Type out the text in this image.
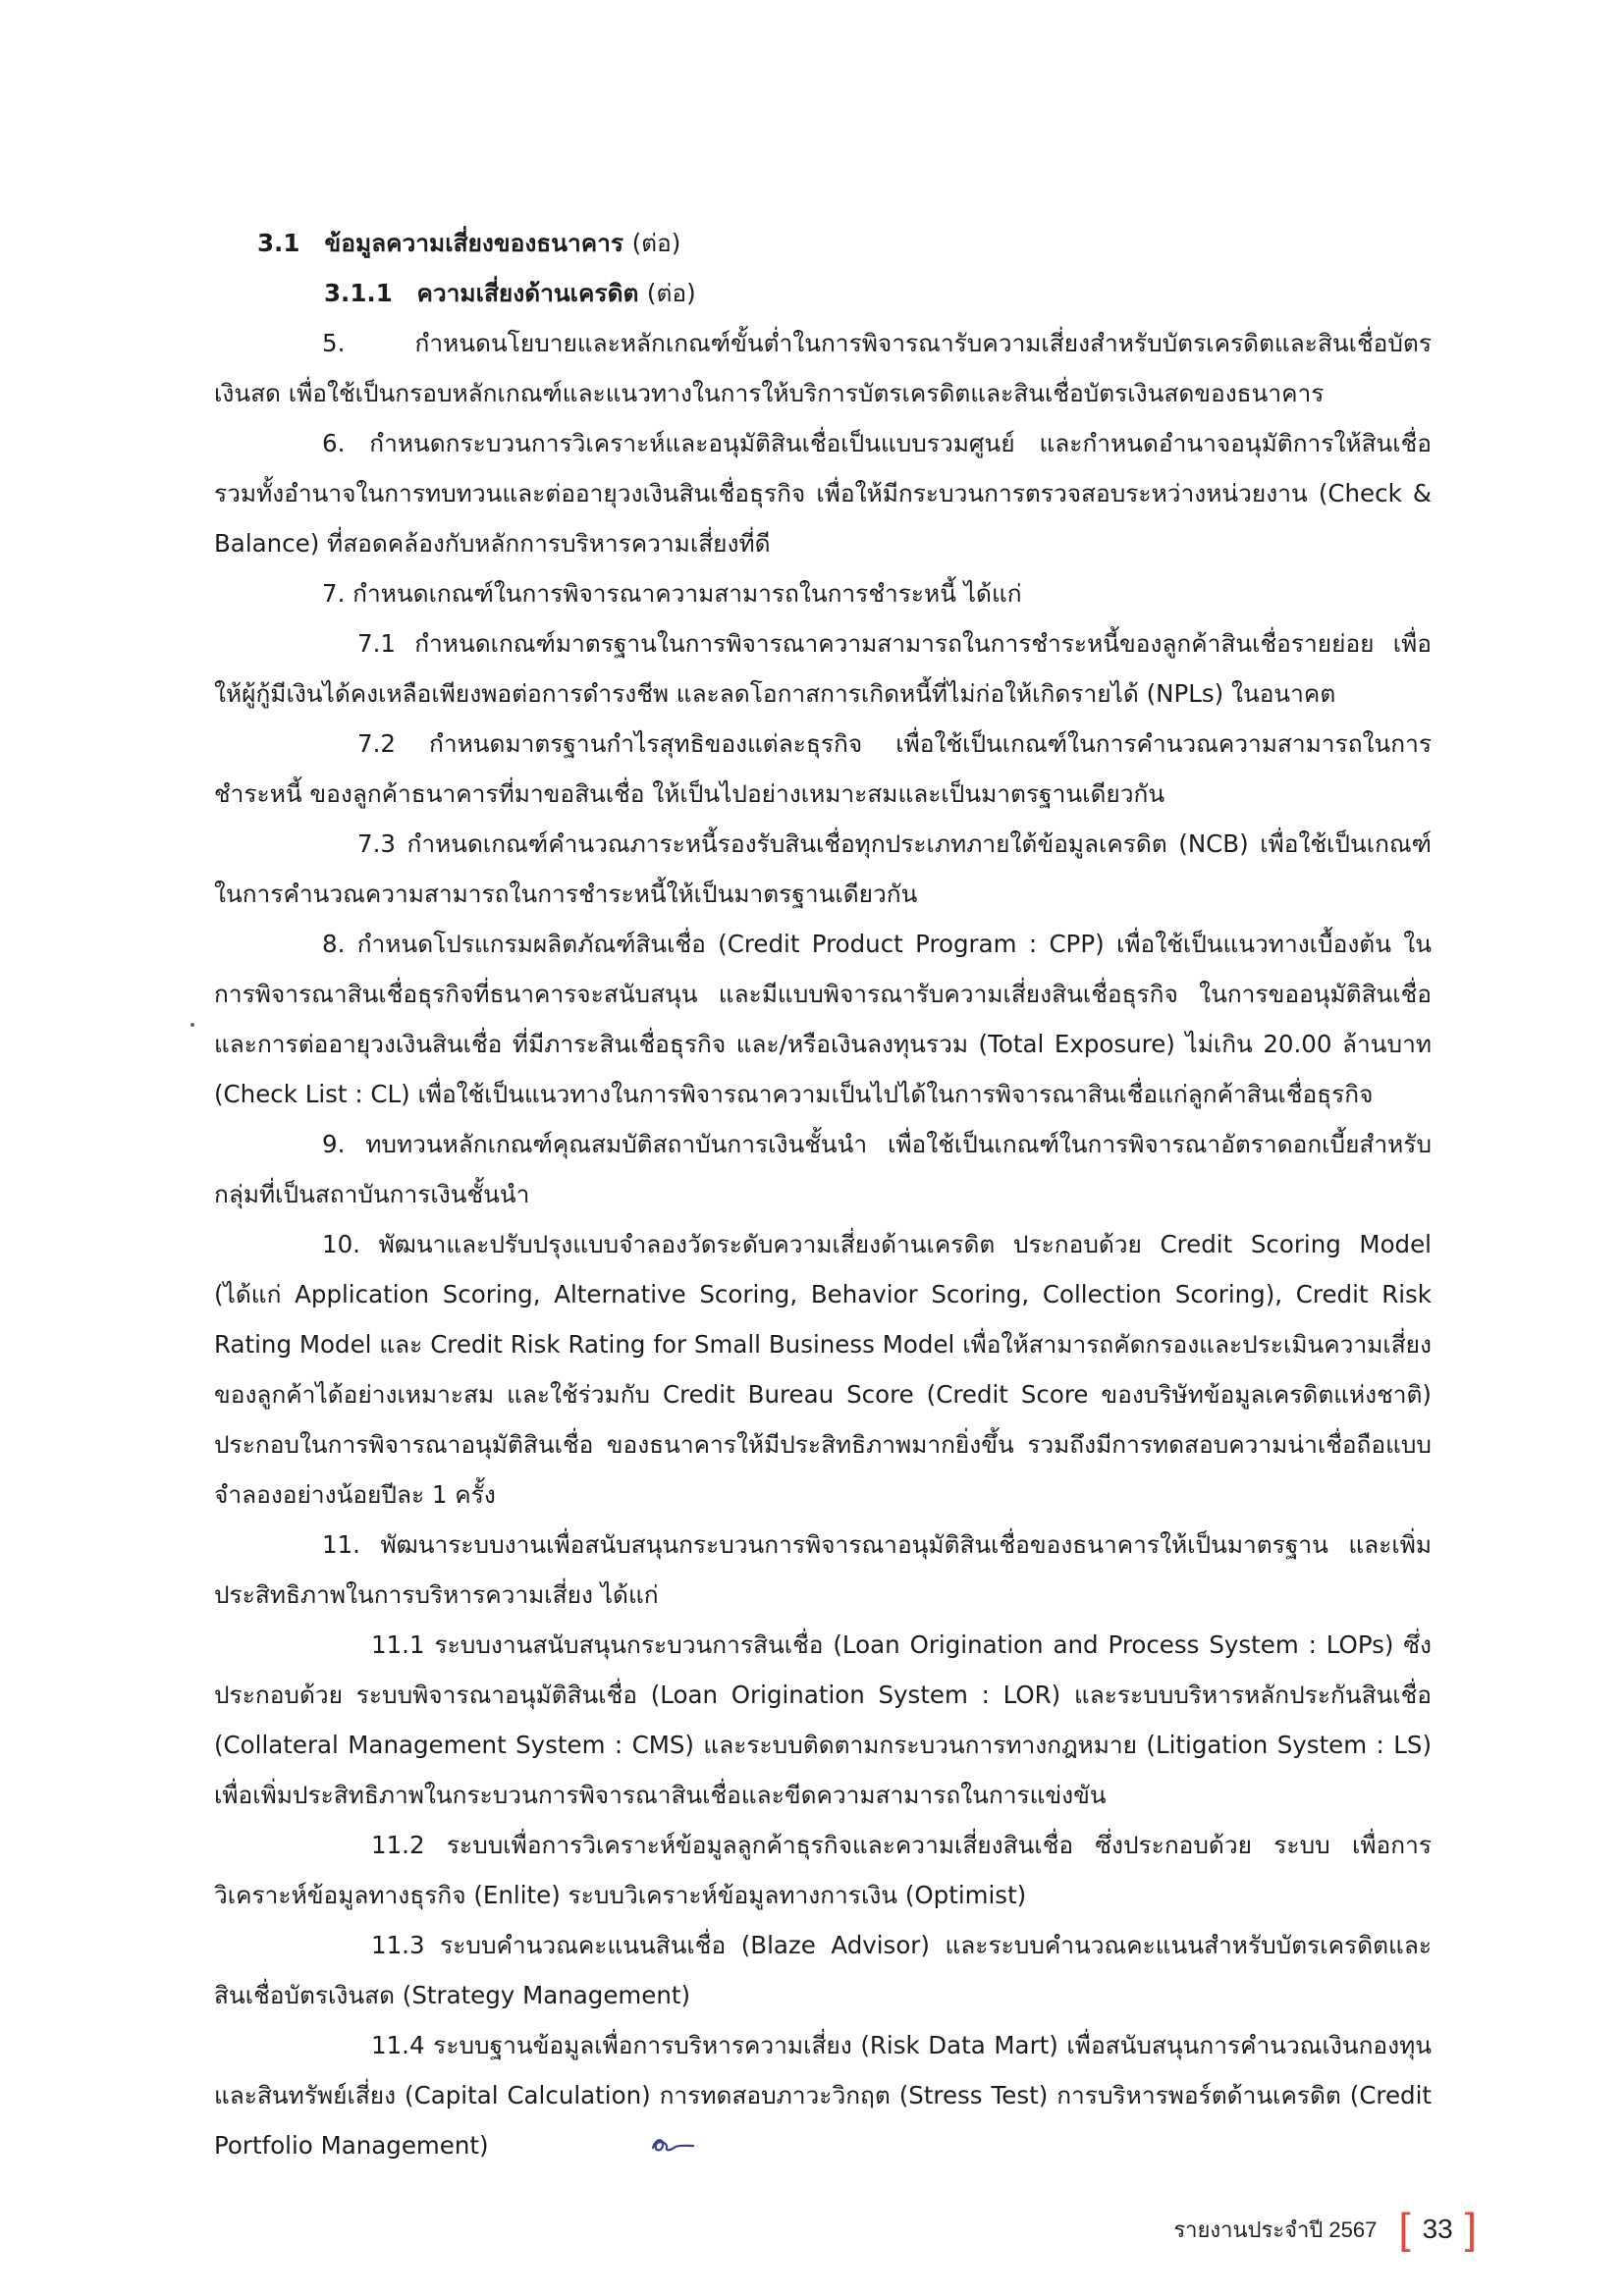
3.1 ข้อมูลความเสี่ยงของธนาคาร (ต่อ)

3.1.1 ความเสี่ยงด้านเครดิต (ต่อ)

5. กำหนดนโยบายและหลักเกณฑ์ขั้นต่ำในการพิจารณารับความเสี่ยงสำหรับบัตรเครดิตและสินเชื่อบัตรเงินสด เพื่อใช้เป็นกรอบหลักเกณฑ์และแนวทางในการให้บริการบัตรเครดิตและสินเชื่อบัตรเงินสดของธนาคาร

6. กำหนดกระบวนการวิเคราะห์และอนุมัติสินเชื่อเป็นแบบรวมศูนย์ และกำหนดอำนาจอนุมัติการให้สินเชื่อ รวมทั้งอำนาจในการทบทวนและต่ออายุวงเงินสินเชื่อธุรกิจ เพื่อให้มีกระบวนการตรวจสอบระหว่างหน่วยงาน (Check & Balance) ที่สอดคล้องกับหลักการบริหารความเสี่ยงที่ดี

7. กำหนดเกณฑ์ในการพิจารณาความสามารถในการชำระหนี้ ได้แก่

7.1 กำหนดเกณฑ์มาตรฐานในการพิจารณาความสามารถในการชำระหนี้ของลูกค้าสินเชื่อรายย่อย เพื่อให้ผู้กู้มีเงินได้คงเหลือเพียงพอต่อการดำรงชีพ และลดโอกาสการเกิดหนี้ที่ไม่ก่อให้เกิดรายได้ (NPLs) ในอนาคต

7.2 กำหนดมาตรฐานกำไรสุทธิของแต่ละธุรกิจ เพื่อใช้เป็นเกณฑ์ในการคำนวณความสามารถในการชำระหนี้ ของลูกค้าธนาคารที่มาขอสินเชื่อ ให้เป็นไปอย่างเหมาะสมและเป็นมาตรฐานเดียวกัน

7.3 กำหนดเกณฑ์คำนวณภาระหนี้รองรับสินเชื่อทุกประเภทภายใต้ข้อมูลเครดิต (NCB) เพื่อใช้เป็นเกณฑ์ ในการคำนวณความสามารถในการชำระหนี้ให้เป็นมาตรฐานเดียวกัน

8. กำหนดโปรแกรมผลิตภัณฑ์สินเชื่อ (Credit Product Program : CPP) เพื่อใช้เป็นแนวทางเบื้องต้น ในการพิจารณาสินเชื่อธุรกิจที่ธนาคารจะสนับสนุน และมีแบบพิจารณารับความเสี่ยงสินเชื่อธุรกิจ ในการขออนุมัติสินเชื่อ และการต่ออายุวงเงินสินเชื่อ ที่มีภาระสินเชื่อธุรกิจ และ/หรือเงินลงทุนรวม (Total Exposure) ไม่เกิน 20.00 ล้านบาท (Check List : CL) เพื่อใช้เป็นแนวทางในการพิจารณาความเป็นไปได้ในการพิจารณาสินเชื่อแก่ลูกค้าสินเชื่อธุรกิจ

9. ทบทวนหลักเกณฑ์คุณสมบัติสถาบันการเงินชั้นนำ เพื่อใช้เป็นเกณฑ์ในการพิจารณาอัตราดอกเบี้ยสำหรับ กลุ่มที่เป็นสถาบันการเงินชั้นนำ

10. พัฒนาและปรับปรุงแบบจำลองวัดระดับความเสี่ยงด้านเครดิต ประกอบด้วย Credit Scoring Model (ได้แก่ Application Scoring, Alternative Scoring, Behavior Scoring, Collection Scoring), Credit Risk Rating Model และ Credit Risk Rating for Small Business Model เพื่อให้สามารถคัดกรองและประเมินความเสี่ยงของลูกค้าได้อย่างเหมาะสม และใช้ร่วมกับ Credit Bureau Score (Credit Score ของบริษัทข้อมูลเครดิตแห่งชาติ) ประกอบในการพิจารณาอนุมัติสินเชื่อ ของธนาคารให้มีประสิทธิภาพมากยิ่งขึ้น รวมถึงมีการทดสอบความน่าเชื่อถือแบบจำลองอย่างน้อยปีละ 1 ครั้ง

11. พัฒนาระบบงานเพื่อสนับสนุนกระบวนการพิจารณาอนุมัติสินเชื่อของธนาคารให้เป็นมาตรฐาน และเพิ่มประสิทธิภาพในการบริหารความเสี่ยง ได้แก่

11.1 ระบบงานสนับสนุนกระบวนการสินเชื่อ (Loan Origination and Process System : LOPs) ซึ่งประกอบด้วย ระบบพิจารณาอนุมัติสินเชื่อ (Loan Origination System : LOR) และระบบบริหารหลักประกันสินเชื่อ (Collateral Management System : CMS) และระบบติดตามกระบวนการทางกฎหมาย (Litigation System : LS) เพื่อเพิ่มประสิทธิภาพในกระบวนการพิจารณาสินเชื่อและขีดความสามารถในการแข่งขัน

11.2 ระบบเพื่อการวิเคราะห์ข้อมูลลูกค้าธุรกิจและความเสี่ยงสินเชื่อ ซึ่งประกอบด้วย ระบบ เพื่อการวิเคราะห์ข้อมูลทางธุรกิจ (Enlite) ระบบวิเคราะห์ข้อมูลทางการเงิน (Optimist)

11.3 ระบบคำนวณคะแนนสินเชื่อ (Blaze Advisor) และระบบคำนวณคะแนนสำหรับบัตรเครดิตและ สินเชื่อบัตรเงินสด (Strategy Management)

11.4 ระบบฐานข้อมูลเพื่อการบริหารความเสี่ยง (Risk Data Mart) เพื่อสนับสนุนการคำนวณเงินกองทุน และสินทรัพย์เสี่ยง (Capital Calculation) การทดสอบภาวะวิกฤต (Stress Test) การบริหารพอร์ตด้านเครดิต (Credit Portfolio Management)

รายงานประจำปี 2567 [ 33 ]
